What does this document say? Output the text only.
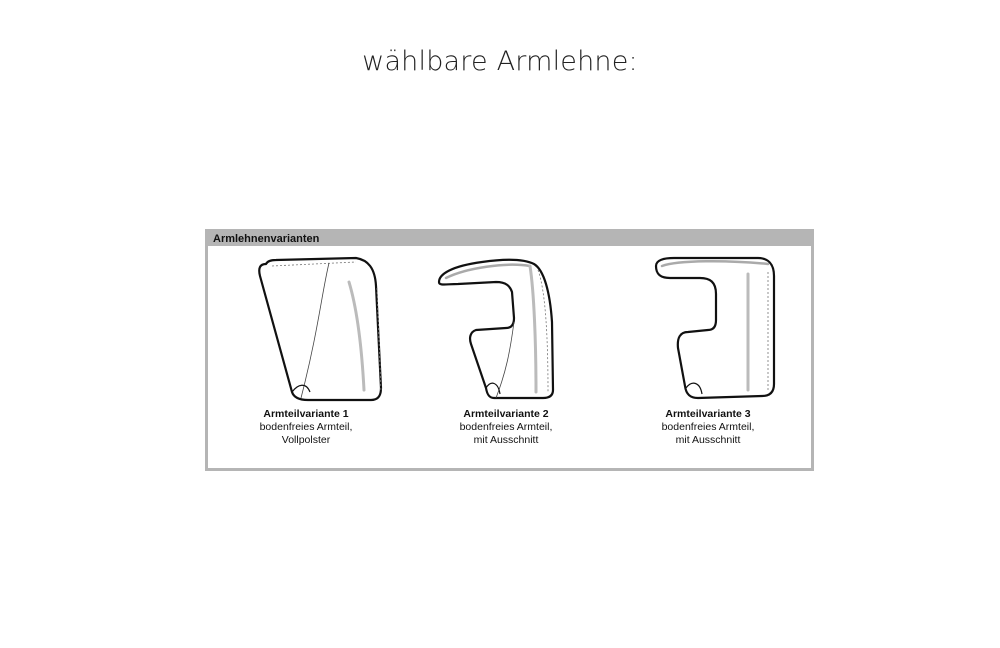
wählbare Armlehne:
Armlehnenvarianten
Armteilvariante 1
bodenfreies Armteil,
Vollpolster
Armteilvariante 2
bodenfreies Armteil,
mit Ausschnitt
Armteilvariante 3
bodenfreies Armteil,
mit Ausschnitt
